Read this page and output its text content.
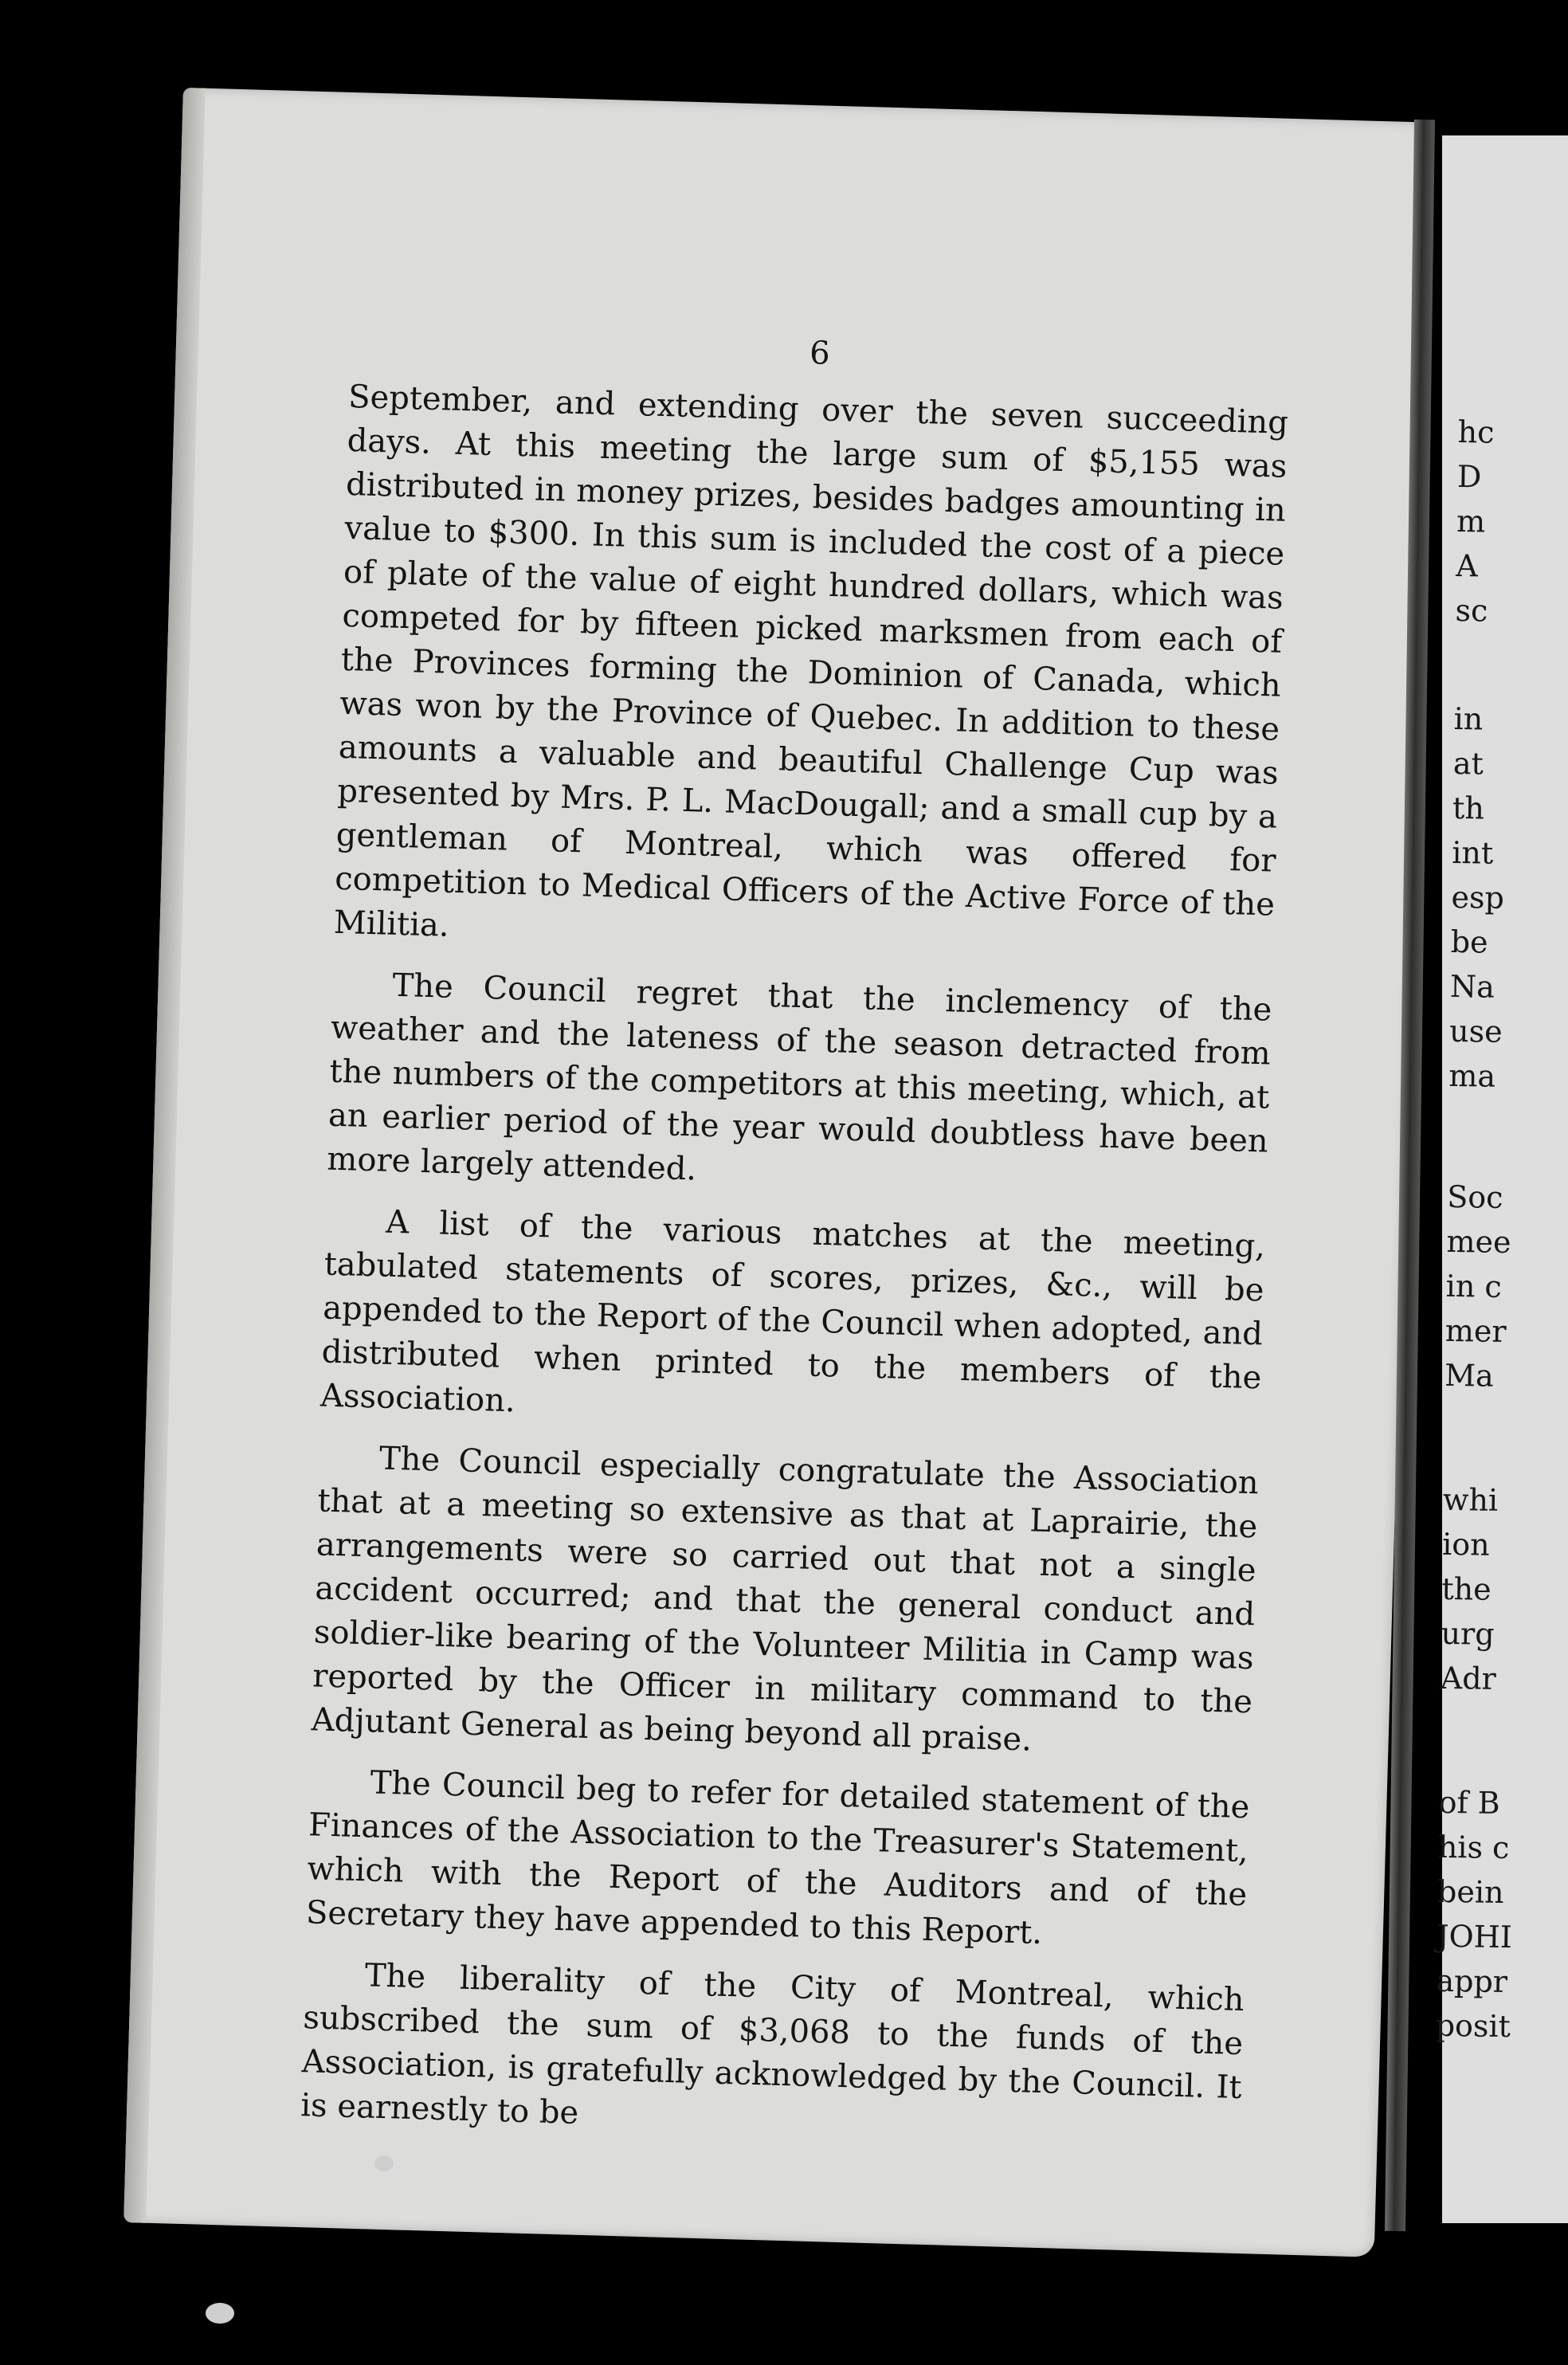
6

September, and extending over the seven succeeding days. At this meeting the large sum of $5,155 was distributed in money prizes, besides badges amounting in value to $300. In this sum is included the cost of a piece of plate of the value of eight hundred dollars, which was competed for by fifteen picked marksmen from each of the Provinces forming the Dominion of Canada, which was won by the Province of Quebec. In addition to these amounts a valuable and beautiful Challenge Cup was presented by Mrs. P. L. MacDougall; and a small cup by a gentleman of Montreal, which was offered for competition to Medical Officers of the Active Force of the Militia.

The Council regret that the inclemency of the weather and the lateness of the season detracted from the numbers of the competitors at this meeting, which, at an earlier period of the year would doubtless have been more largely attended.

A list of the various matches at the meeting, tabulated statements of scores, prizes, &c., will be appended to the Report of the Council when adopted, and distributed when printed to the members of the Association.

The Council especially congratulate the Association that at a meeting so extensive as that at Laprairie, the arrangements were so carried out that not a single accident occurred; and that the general conduct and soldier-like bearing of the Volunteer Militia in Camp was reported by the Officer in military command to the Adjutant General as being beyond all praise.

The Council beg to refer for detailed statement of the Finances of the Association to the Treasurer's Statement, which with the Report of the Auditors and of the Secretary they have appended to this Report.

The liberality of the City of Montreal, which subscribed the sum of $3,068 to the funds of the Association, is gratefully acknowledged by the Council. It is earnestly to be

hc
D
m
A
sc
in
at
th
int
esp
be
Na
use
ma
Soc
mee
in c
mer
Ma
whi
ion
the
urg
Adr
of B
his c
bein
JOHI
appr
posit
